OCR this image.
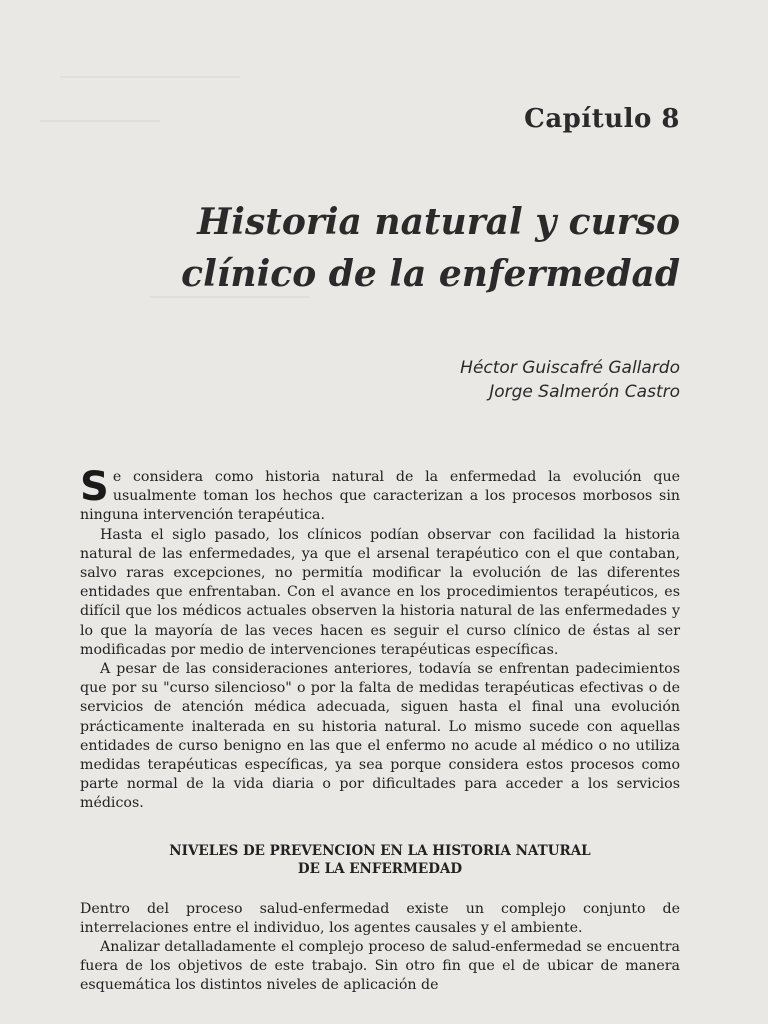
Capítulo 8
Historia natural y curso
clínico de la enfermedad
Héctor Guiscafré Gallardo
Jorge Salmerón Castro

Se considera como historia natural de la enfermedad la evolución que usualmente toman los hechos que caracterizan a los procesos morbosos sin ninguna intervención terapéutica.

Hasta el siglo pasado, los clínicos podían observar con facilidad la historia natural de las enfermedades, ya que el arsenal terapéutico con el que contaban, salvo raras excepciones, no permitía modificar la evolución de las diferentes entidades que enfrentaban. Con el avance en los procedimientos terapéuticos, es difícil que los médicos actuales observen la historia natural de las enfermedades y lo que la mayoría de las veces hacen es seguir el curso clínico de éstas al ser modificadas por medio de intervenciones terapéuticas específicas.

A pesar de las consideraciones anteriores, todavía se enfrentan padecimientos que por su "curso silencioso" o por la falta de medidas terapéuticas efectivas o de servicios de atención médica adecuada, siguen hasta el final una evolución prácticamente inalterada en su historia natural. Lo mismo sucede con aquellas entidades de curso benigno en las que el enfermo no acude al médico o no utiliza medidas terapéuticas específicas, ya sea porque considera estos procesos como parte normal de la vida diaria o por dificultades para acceder a los servicios médicos.

NIVELES DE PREVENCION EN LA HISTORIA NATURAL
DE LA ENFERMEDAD

Dentro del proceso salud-enfermedad existe un complejo conjunto de interrelaciones entre el individuo, los agentes causales y el ambiente.

Analizar detalladamente el complejo proceso de salud-enfermedad se encuentra fuera de los objetivos de este trabajo. Sin otro fin que el de ubicar de manera esquemática los distintos niveles de aplicación de
